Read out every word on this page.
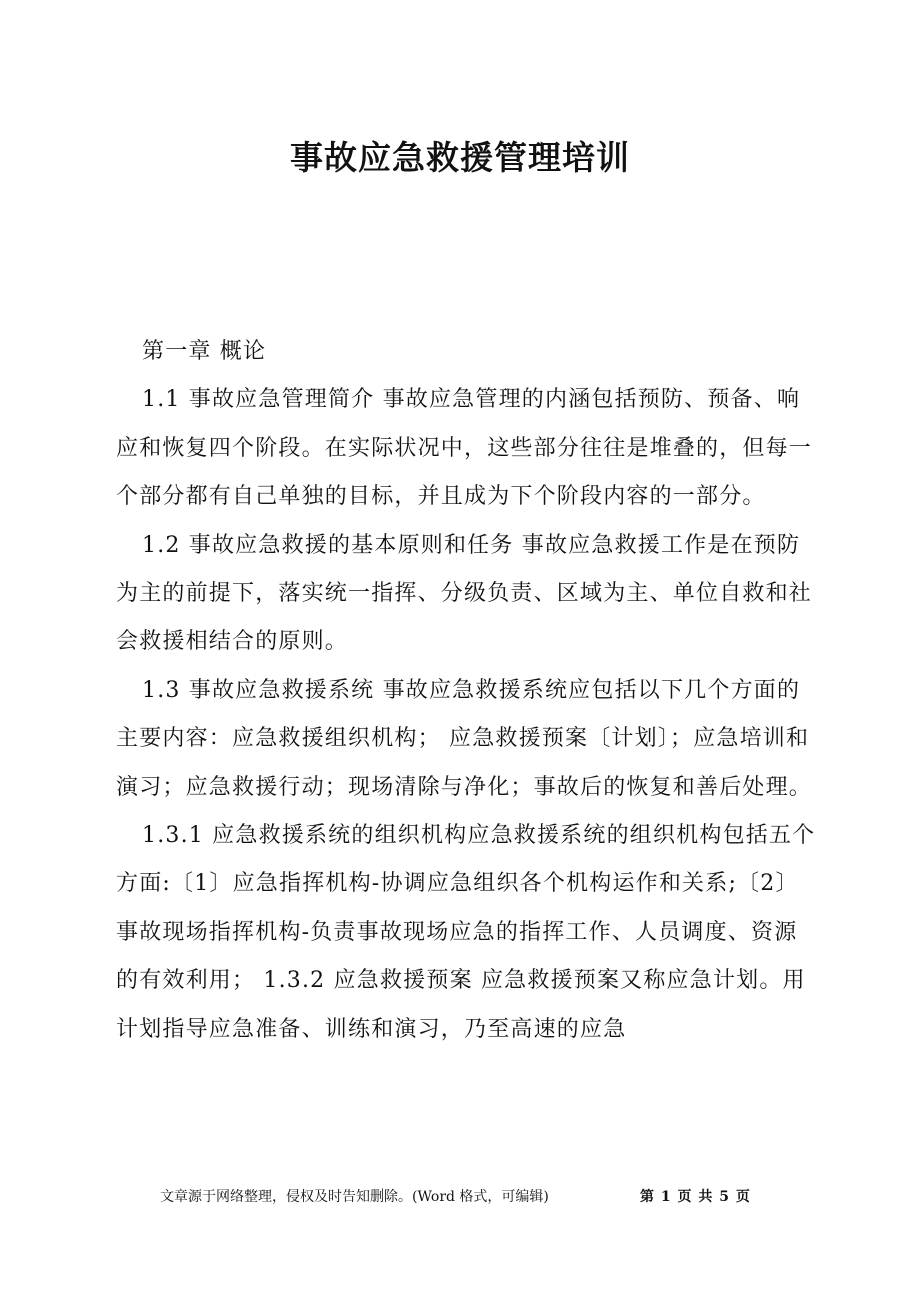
事故应急救援管理培训

第一章 概论

1.1 事故应急管理简介 事故应急管理的内涵包括预防、预备、响应和恢复四个阶段。在实际状况中，这些部分往往是堆叠的，但每一个部分都有自己单独的目标，并且成为下个阶段内容的一部分。

1.2 事故应急救援的基本原则和任务 事故应急救援工作是在预防为主的前提下，落实统一指挥、分级负责、区域为主、单位自救和社会救援相结合的原则。

1.3 事故应急救援系统 事故应急救援系统应包括以下几个方面的主要内容：应急救援组织机构； 应急救援预案〔计划〕；应急培训和演习；应急救援行动；现场清除与净化；事故后的恢复和善后处理。

1.3.1 应急救援系统的组织机构应急救援系统的组织机构包括五个方面:〔1〕应急指挥机构-协调应急组织各个机构运作和关系;〔2〕事故现场指挥机构-负责事故现场应急的指挥工作、人员调度、资源的有效利用； 1.3.2 应急救援预案 应急救援预案又称应急计划。用计划指导应急准备、训练和演习，乃至高速的应急

文章源于网络整理，侵权及时告知删除。(Word 格式，可编辑)	第 1 页 共 5 页
